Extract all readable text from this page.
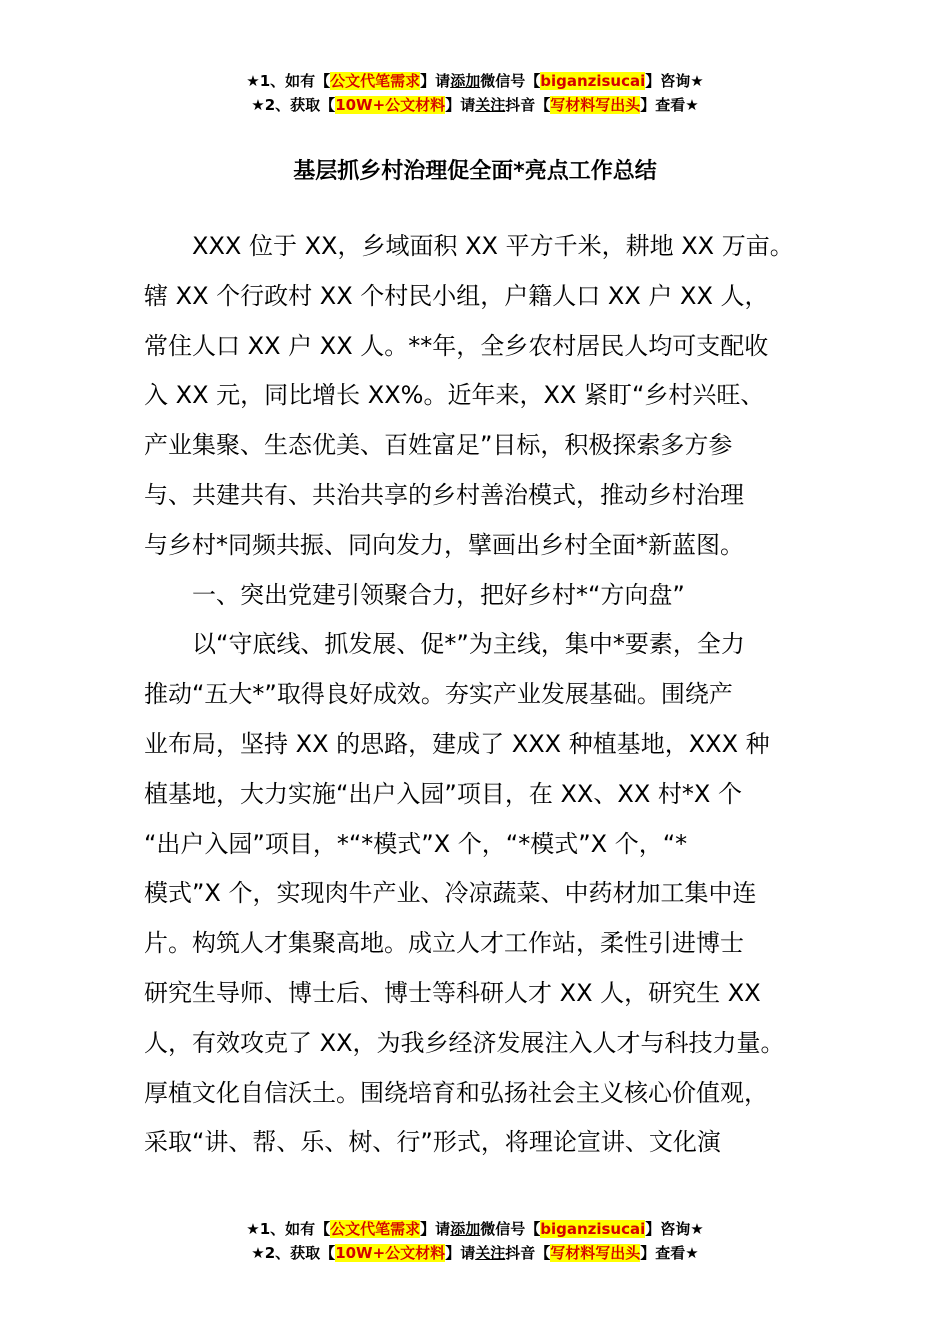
★1、如有【公文代笔需求】请添加微信号【biganzisucai】咨询★
★2、获取【10W+公文材料】请关注抖音【写材料写出头】查看★
基层抓乡村治理促全面*亮点工作总结
XXX 位于 XX，乡域面积 XX 平方千米，耕地 XX 万亩。
辖 XX 个行政村 XX 个村民小组，户籍人口 XX 户 XX 人，
常住人口 XX 户 XX 人。**年，全乡农村居民人均可支配收
入 XX 元，同比增长 XX%。近年来，XX 紧盯“乡村兴旺、
产业集聚、生态优美、百姓富足”目标，积极探索多方参
与、共建共有、共治共享的乡村善治模式，推动乡村治理
与乡村*同频共振、同向发力，擘画出乡村全面*新蓝图。
一、突出党建引领聚合力，把好乡村*“方向盘”
以“守底线、抓发展、促*”为主线，集中*要素，全力
推动“五大*”取得良好成效。夯实产业发展基础。围绕产
业布局，坚持 XX 的思路，建成了 XXX 种植基地，XXX 种
植基地，大力实施“出户入园”项目，在 XX、XX 村*X 个
“出户入园”项目，*“*模式”X 个，“*模式”X 个，“*
模式”X 个，实现肉牛产业、冷凉蔬菜、中药材加工集中连
片。构筑人才集聚高地。成立人才工作站，柔性引进博士
研究生导师、博士后、博士等科研人才 XX 人，研究生 XX
人，有效攻克了 XX，为我乡经济发展注入人才与科技力量。
厚植文化自信沃土。围绕培育和弘扬社会主义核心价值观，
采取“讲、帮、乐、树、行”形式，将理论宣讲、文化演
★1、如有【公文代笔需求】请添加微信号【biganzisucai】咨询★
★2、获取【10W+公文材料】请关注抖音【写材料写出头】查看★
